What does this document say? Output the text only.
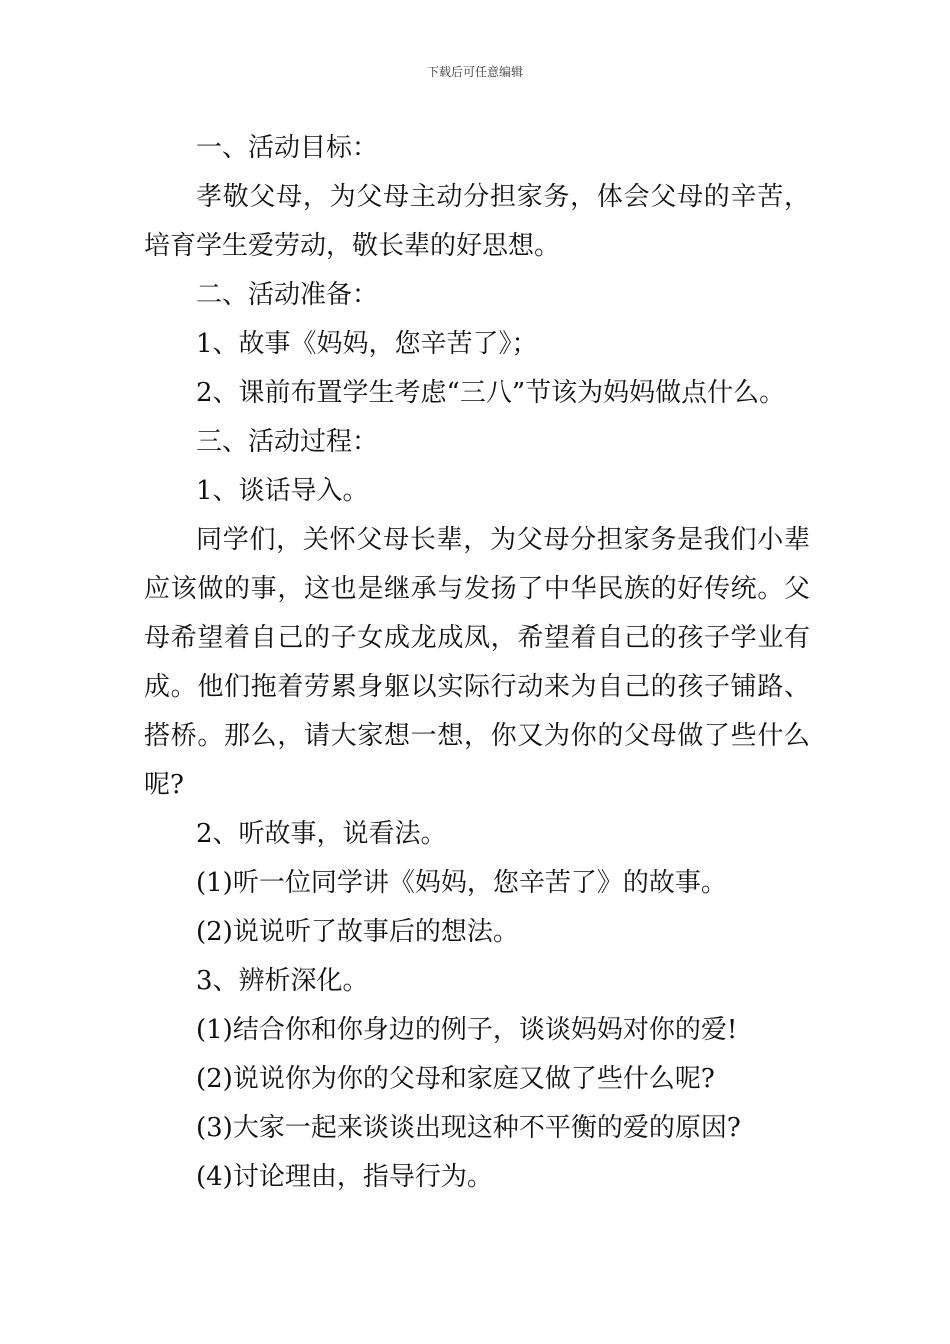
下载后可任意编辑

一、活动目标：

孝敬父母，为父母主动分担家务，体会父母的辛苦，培育学生爱劳动，敬长辈的好思想。

二、活动准备：

1、故事《妈妈，您辛苦了》；

2、课前布置学生考虑“三八”节该为妈妈做点什么。

三、活动过程：

1、谈话导入。

同学们，关怀父母长辈，为父母分担家务是我们小辈应该做的事，这也是继承与发扬了中华民族的好传统。父母希望着自己的子女成龙成凤，希望着自己的孩子学业有成。他们拖着劳累身躯以实际行动来为自己的孩子铺路、搭桥。那么，请大家想一想，你又为你的父母做了些什么呢?

2、听故事，说看法。

(1)听一位同学讲《妈妈，您辛苦了》的故事。

(2)说说听了故事后的想法。

3、辨析深化。

(1)结合你和你身边的例子，谈谈妈妈对你的爱!

(2)说说你为你的父母和家庭又做了些什么呢?

(3)大家一起来谈谈出现这种不平衡的爱的原因?

(4)讨论理由，指导行为。
